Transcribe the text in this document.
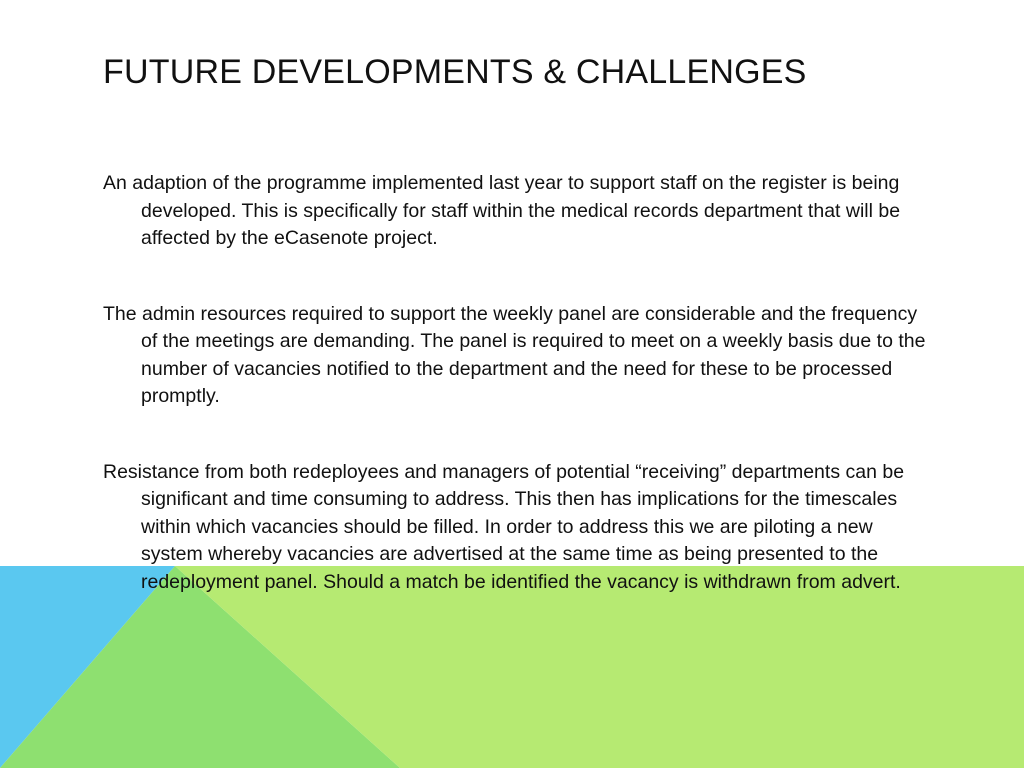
FUTURE DEVELOPMENTS & CHALLENGES
An adaption of the programme implemented last year to support staff on the register is being developed. This is specifically for staff within the medical records department that will be affected by the eCasenote project.
The admin resources required to support the weekly panel are considerable and the frequency of the meetings are demanding. The panel is required to meet on a weekly basis due to the number of vacancies notified to the department and the need for these to be processed promptly.
Resistance from both redeployees and managers of potential “receiving” departments can be significant and time consuming to address. This then has implications for the timescales within which vacancies should be filled. In order to address this we are piloting a new system whereby vacancies are advertised at the same time as being presented to the redeployment panel. Should a match be identified the vacancy is withdrawn from advert.
